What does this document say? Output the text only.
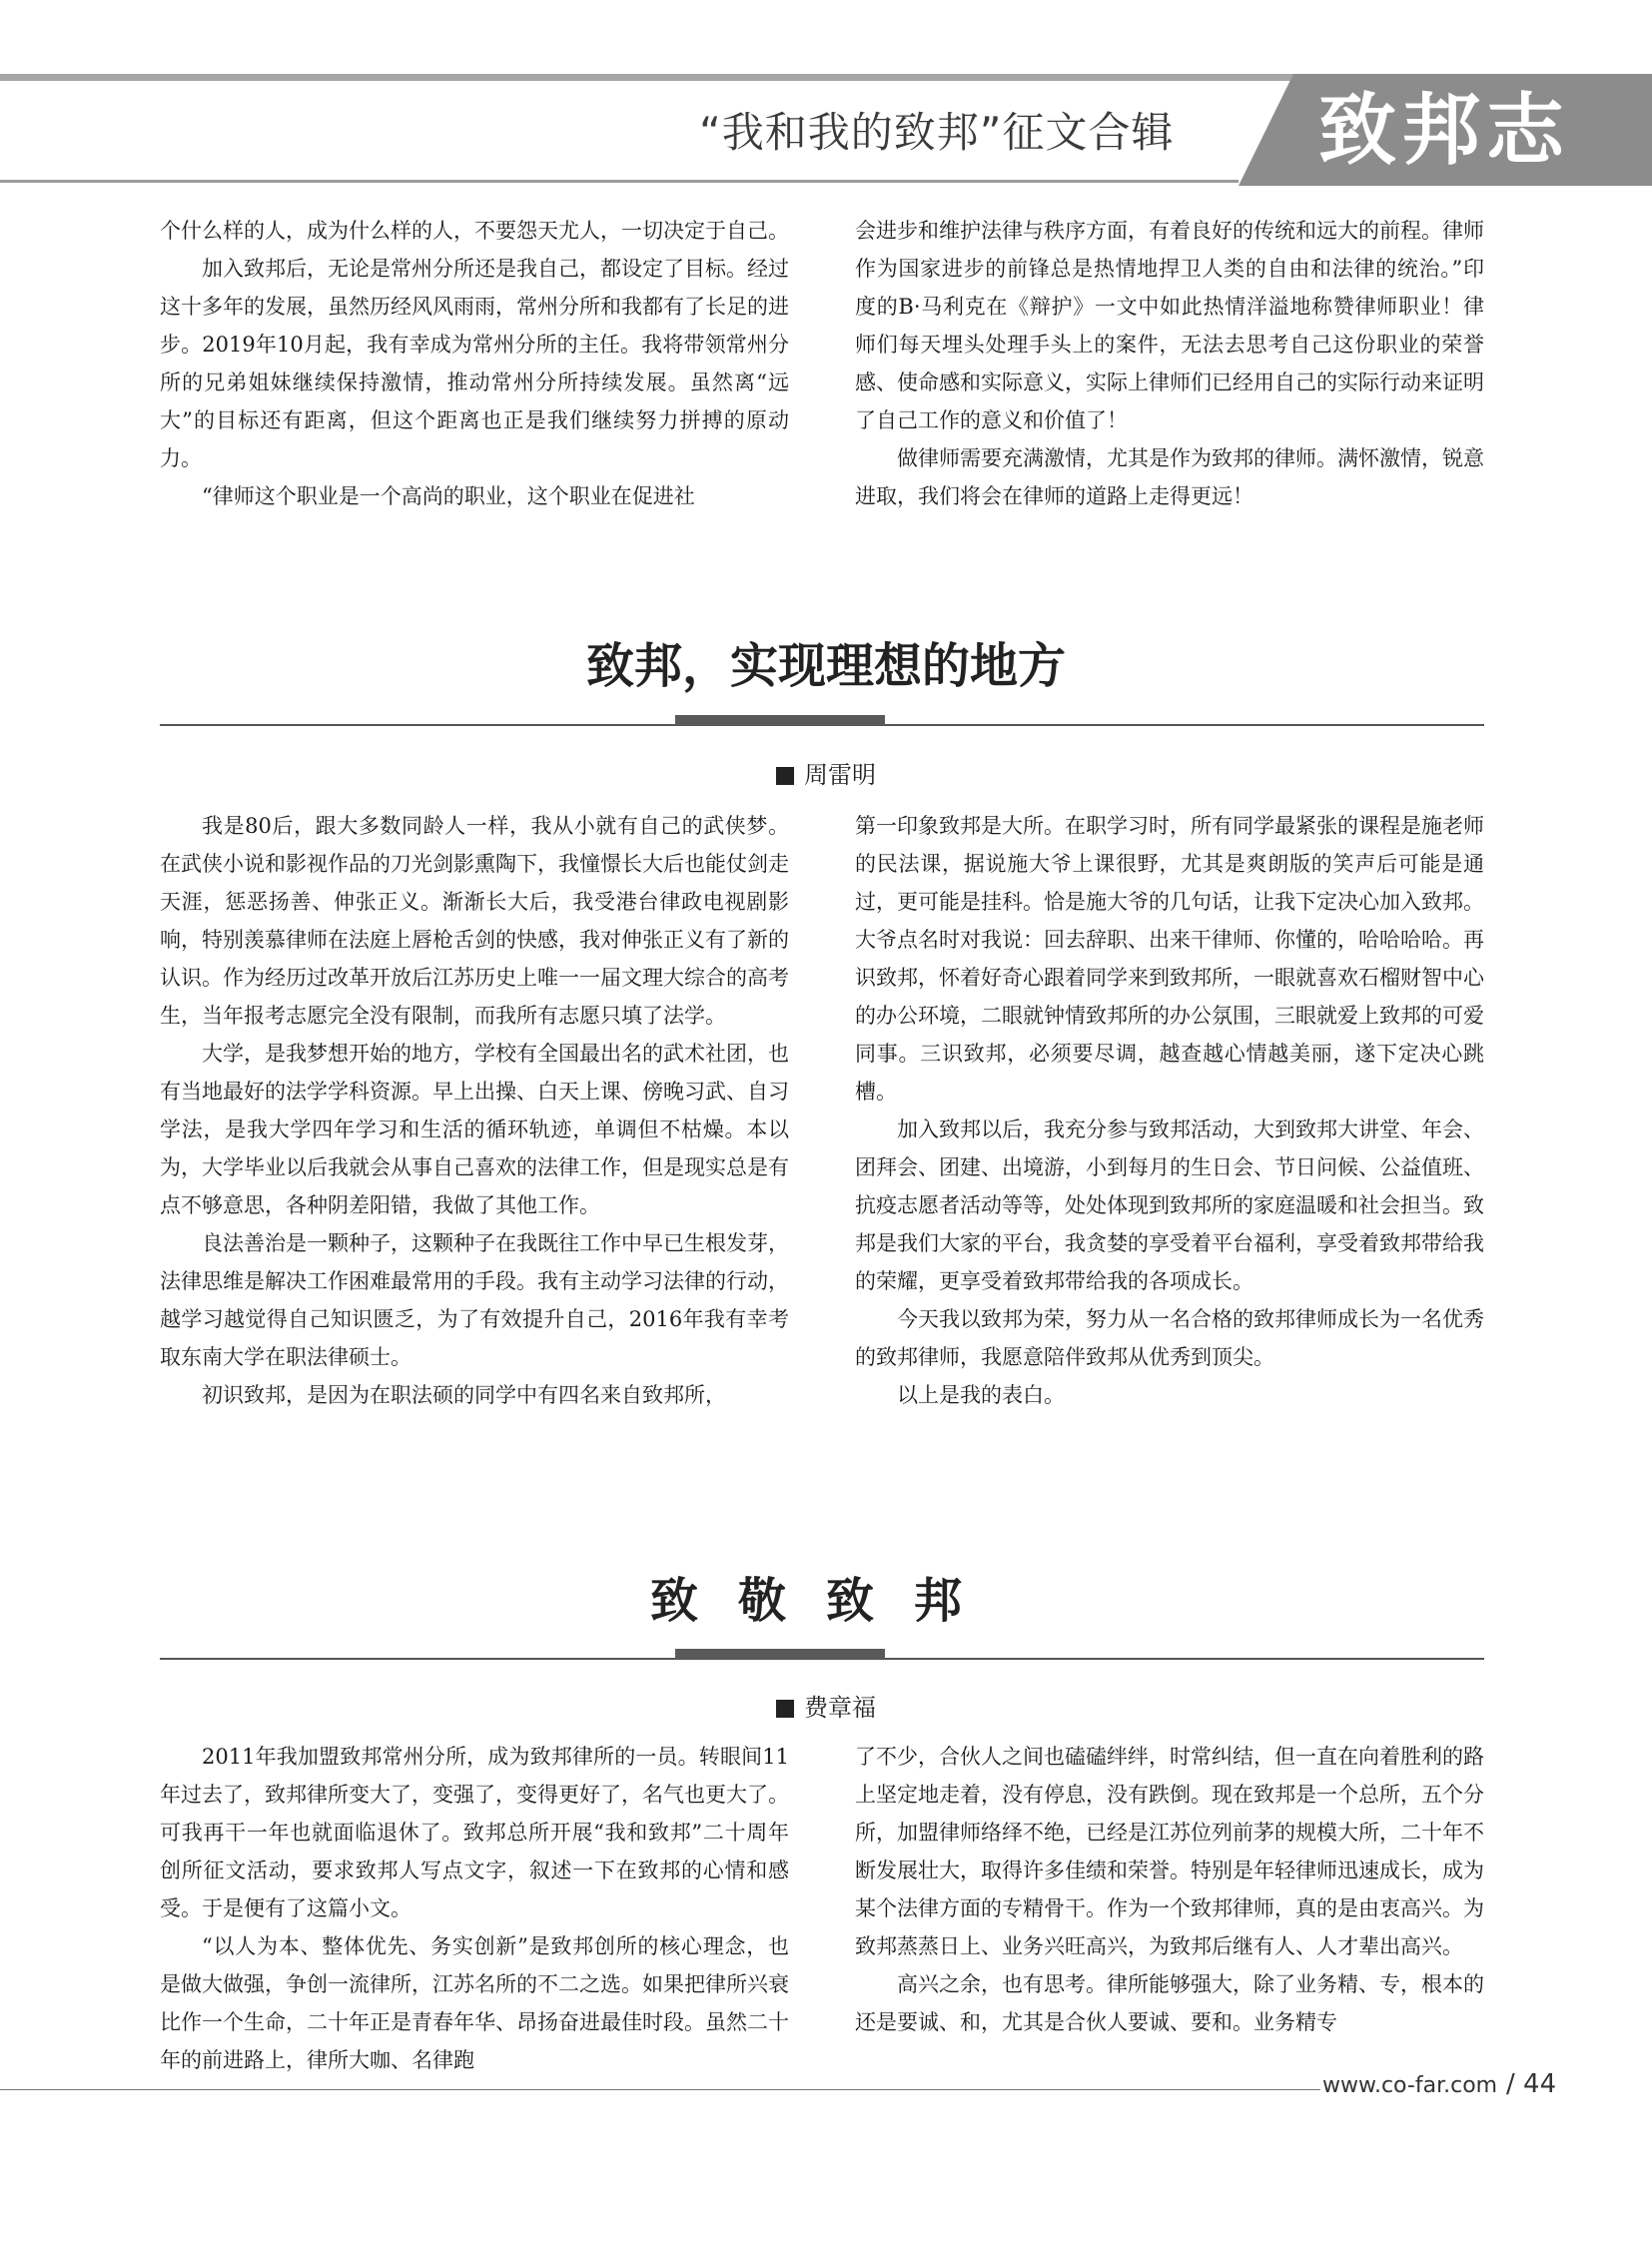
“我和我的致邦”征文合辑	致邦志

个什么样的人，成为什么样的人，不要怨天尤人，一切决定于自己。

加入致邦后，无论是常州分所还是我自己，都设定了目标。经过这十多年的发展，虽然历经风风雨雨，常州分所和我都有了长足的进步。2019年10月起，我有幸成为常州分所的主任。我将带领常州分所的兄弟姐妹继续保持激情，推动常州分所持续发展。虽然离“远大”的目标还有距离，但这个距离也正是我们继续努力拼搏的原动力。

“律师这个职业是一个高尚的职业，这个职业在促进社

会进步和维护法律与秩序方面，有着良好的传统和远大的前程。律师作为国家进步的前锋总是热情地捍卫人类的自由和法律的统治。”印度的B·马利克在《辩护》一文中如此热情洋溢地称赞律师职业！律师们每天埋头处理手头上的案件，无法去思考自己这份职业的荣誉感、使命感和实际意义，实际上律师们已经用自己的实际行动来证明了自己工作的意义和价值了！

做律师需要充满激情，尤其是作为致邦的律师。满怀激情，锐意进取，我们将会在律师的道路上走得更远！

致邦，实现理想的地方
周雷明

我是80后，跟大多数同龄人一样，我从小就有自己的武侠梦。在武侠小说和影视作品的刀光剑影熏陶下，我憧憬长大后也能仗剑走天涯，惩恶扬善、伸张正义。渐渐长大后，我受港台律政电视剧影响，特别羡慕律师在法庭上唇枪舌剑的快感，我对伸张正义有了新的认识。作为经历过改革开放后江苏历史上唯一一届文理大综合的高考生，当年报考志愿完全没有限制，而我所有志愿只填了法学。

大学，是我梦想开始的地方，学校有全国最出名的武术社团，也有当地最好的法学学科资源。早上出操、白天上课、傍晚习武、自习学法，是我大学四年学习和生活的循环轨迹，单调但不枯燥。本以为，大学毕业以后我就会从事自己喜欢的法律工作，但是现实总是有点不够意思，各种阴差阳错，我做了其他工作。

良法善治是一颗种子，这颗种子在我既往工作中早已生根发芽，法律思维是解决工作困难最常用的手段。我有主动学习法律的行动，越学习越觉得自己知识匮乏，为了有效提升自己，2016年我有幸考取东南大学在职法律硕士。

初识致邦，是因为在职法硕的同学中有四名来自致邦所，

第一印象致邦是大所。在职学习时，所有同学最紧张的课程是施老师的民法课，据说施大爷上课很野，尤其是爽朗版的笑声后可能是通过，更可能是挂科。恰是施大爷的几句话，让我下定决心加入致邦。大爷点名时对我说：回去辞职、出来干律师、你懂的，哈哈哈哈。再识致邦，怀着好奇心跟着同学来到致邦所，一眼就喜欢石榴财智中心的办公环境，二眼就钟情致邦所的办公氛围，三眼就爱上致邦的可爱同事。三识致邦，必须要尽调，越查越心情越美丽，遂下定决心跳槽。

加入致邦以后，我充分参与致邦活动，大到致邦大讲堂、年会、团拜会、团建、出境游，小到每月的生日会、节日问候、公益值班、抗疫志愿者活动等等，处处体现到致邦所的家庭温暖和社会担当。致邦是我们大家的平台，我贪婪的享受着平台福利，享受着致邦带给我的荣耀，更享受着致邦带给我的各项成长。

今天我以致邦为荣，努力从一名合格的致邦律师成长为一名优秀的致邦律师，我愿意陪伴致邦从优秀到顶尖。

以上是我的表白。

致敬致邦
费章福

2011年我加盟致邦常州分所，成为致邦律所的一员。转眼间11年过去了，致邦律所变大了，变强了，变得更好了，名气也更大了。可我再干一年也就面临退休了。致邦总所开展“我和致邦”二十周年创所征文活动，要求致邦人写点文字，叙述一下在致邦的心情和感受。于是便有了这篇小文。

“以人为本、整体优先、务实创新”是致邦创所的核心理念，也是做大做强，争创一流律所，江苏名所的不二之选。如果把律所兴衰比作一个生命，二十年正是青春年华、昂扬奋进最佳时段。虽然二十年的前进路上，律所大咖、名律跑

了不少，合伙人之间也磕磕绊绊，时常纠结，但一直在向着胜利的路上坚定地走着，没有停息，没有跌倒。现在致邦是一个总所，五个分所，加盟律师络绎不绝，已经是江苏位列前茅的规模大所，二十年不断发展壮大，取得许多佳绩和荣誉。特别是年轻律师迅速成长，成为某个法律方面的专精骨干。作为一个致邦律师，真的是由衷高兴。为致邦蒸蒸日上、业务兴旺高兴，为致邦后继有人、人才辈出高兴。

高兴之余，也有思考。律所能够强大，除了业务精、专，根本的还是要诚、和，尤其是合伙人要诚、要和。业务精专

www.co-far.com / 44
